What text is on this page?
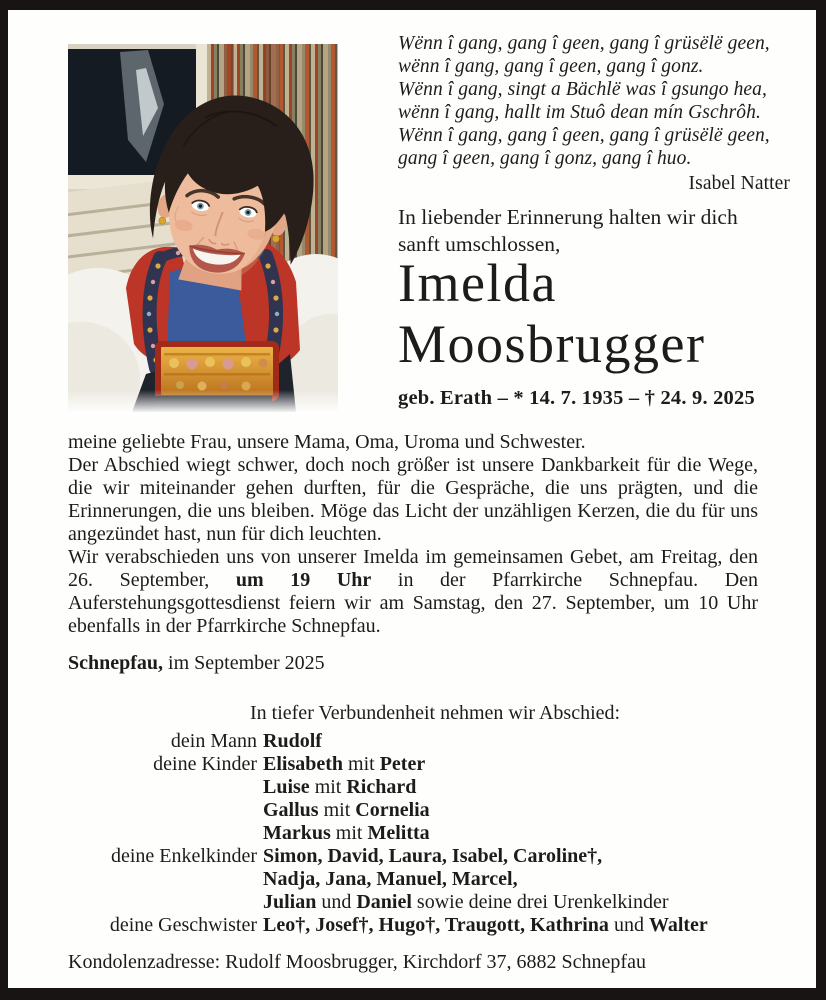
Wënn î gang, gang î geen, gang î grüsëlë geen,
wënn î gang, gang î geen, gang î gonz.
Wënn î gang, singt a Bächlë was î gsungo hea,
wënn î gang, hallt im Stuô dean mín Gschrôh.
Wënn î gang, gang î geen, gang î grüsëlë geen,
gang î geen, gang î gonz, gang î huo.
Isabel Natter
In liebender Erinnerung halten wir dich
sanft umschlossen,
Imelda
Moosbrugger
geb. Erath – * 14. 7. 1935 – † 24. 9. 2025

meine geliebte Frau, unsere Mama, Oma, Uroma und Schwester.

Der Abschied wiegt schwer, doch noch größer ist unsere Dankbarkeit für die Wege, die wir miteinander gehen durften, für die Gespräche, die uns prägten, und die Erinnerungen, die uns bleiben. Möge das Licht der unzähligen Kerzen, die du für uns angezündet hast, nun für dich leuchten.

Wir verabschieden uns von unserer Imelda im gemeinsamen Gebet, am Freitag, den 26. September, um 19 Uhr in der Pfarrkirche Schnepfau. Den Auferstehungsgottesdienst feiern wir am Samstag, den 27. September, um 10 Uhr ebenfalls in der Pfarrkirche Schnepfau.

Schnepfau, im September 2025
In tiefer Verbundenheit nehmen wir Abschied:
dein Mann Rudolf
deine Kinder Elisabeth mit Peter
Luise mit Richard
Gallus mit Cornelia
Markus mit Melitta
deine Enkelkinder Simon, David, Laura, Isabel, Caroline†,
Nadja, Jana, Manuel, Marcel,
Julian und Daniel sowie deine drei Urenkelkinder
deine Geschwister Leo†, Josef†, Hugo†, Traugott, Kathrina und Walter
Kondolenzadresse: Rudolf Moosbrugger, Kirchdorf 37, 6882 Schnepfau
